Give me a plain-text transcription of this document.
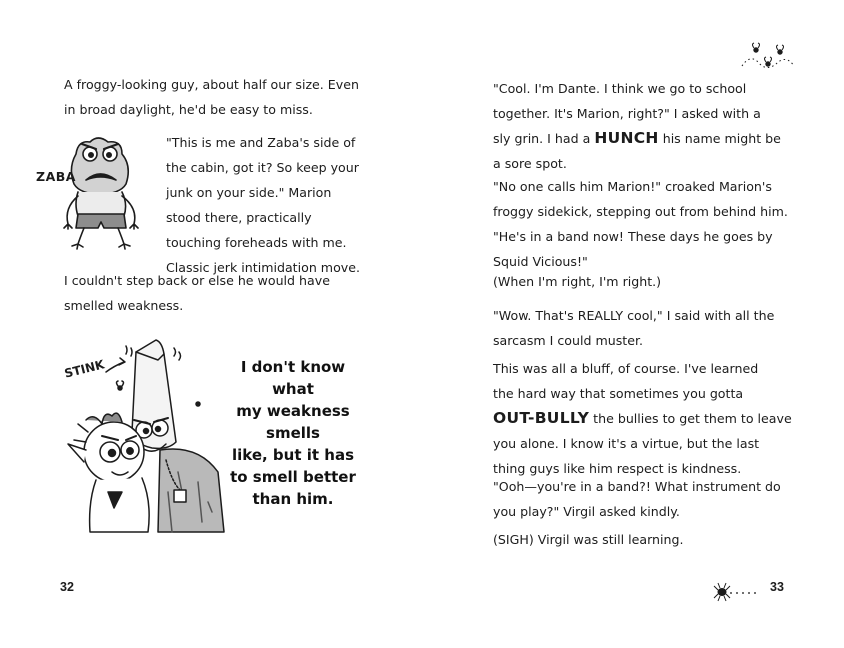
A froggy-looking guy, about half our size. Even
in broad daylight, he'd be easy to miss.

ZABA

"This is me and Zaba's side of
the cabin, got it? So keep your
junk on your side." Marion
stood there, practically
touching foreheads with me.
Classic jerk intimidation move.

I couldn't step back or else he would have
smelled weakness.

STINK	I don't know what
my weakness smells
like, but it has
to smell better
than him.
32

"Cool. I'm Dante. I think we go to school
together. It's Marion, right?" I asked with a
sly grin. I had a HUNCH his name might be
a sore spot.

"No one calls him Marion!" croaked Marion's
froggy sidekick, stepping out from behind him.
"He's in a band now! These days he goes by
Squid Vicious!"

(When I'm right, I'm right.)

"Wow. That's REALLY cool," I said with all the
sarcasm I could muster.

This was all a bluff, of course. I've learned
the hard way that sometimes you gotta
OUT-BULLY the bullies to get them to leave
you alone. I know it's a virtue, but the last
thing guys like him respect is kindness.

"Ooh—you're in a band?! What instrument do
you play?" Virgil asked kindly.

(SIGH) Virgil was still learning.

33
